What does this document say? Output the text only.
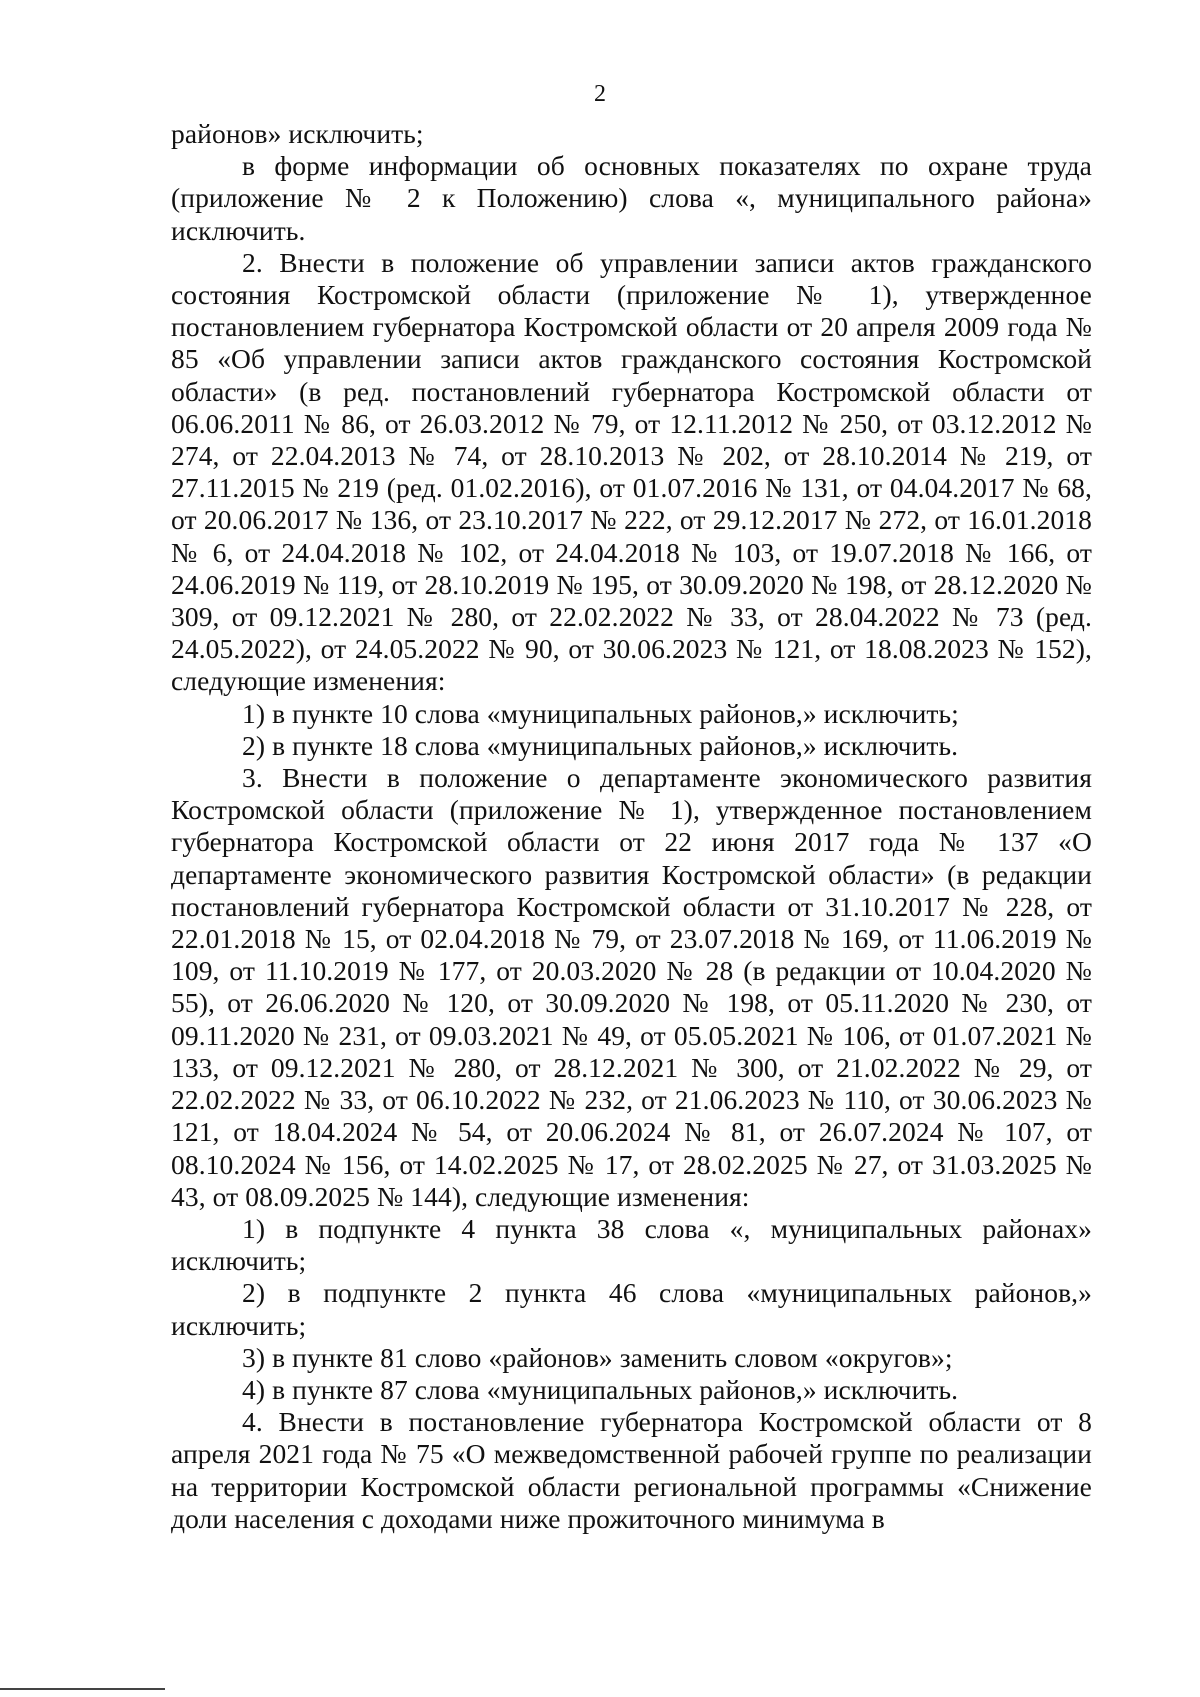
2

районов» исключить;

в форме информации об основных показателях по охране труда (приложение № 2 к Положению) слова «, муниципального района» исключить.

2. Внести в положение об управлении записи актов гражданского состояния Костромской области (приложение № 1), утвержденное постановлением губернатора Костромской области от 20 апреля 2009 года № 85 «Об управлении записи актов гражданского состояния Костромской области» (в ред. постановлений губернатора Костромской области от 06.06.2011 № 86, от 26.03.2012 № 79, от 12.11.2012 № 250, от 03.12.2012 № 274, от 22.04.2013 № 74, от 28.10.2013 № 202, от 28.10.2014 № 219, от 27.11.2015 № 219 (ред. 01.02.2016), от 01.07.2016 № 131, от 04.04.2017 № 68, от 20.06.2017 № 136, от 23.10.2017 № 222, от 29.12.2017 № 272, от 16.01.2018 № 6, от 24.04.2018 № 102, от 24.04.2018 № 103, от 19.07.2018 № 166, от 24.06.2019 № 119, от 28.10.2019 № 195, от 30.09.2020 № 198, от 28.12.2020 № 309, от 09.12.2021 № 280, от 22.02.2022 № 33, от 28.04.2022 № 73 (ред. 24.05.2022), от 24.05.2022 № 90, от 30.06.2023 № 121, от 18.08.2023 № 152), следующие изменения:

1) в пункте 10 слова «муниципальных районов,» исключить;

2) в пункте 18 слова «муниципальных районов,» исключить.

3. Внести в положение о департаменте экономического развития Костромской области (приложение № 1), утвержденное постановлением губернатора Костромской области от 22 июня 2017 года № 137 «О департаменте экономического развития Костромской области» (в редакции постановлений губернатора Костромской области от 31.10.2017 № 228, от 22.01.2018 № 15, от 02.04.2018 № 79, от 23.07.2018 № 169, от 11.06.2019 № 109, от 11.10.2019 № 177, от 20.03.2020 № 28 (в редакции от 10.04.2020 № 55), от 26.06.2020 № 120, от 30.09.2020 № 198, от 05.11.2020 № 230, от 09.11.2020 № 231, от 09.03.2021 № 49, от 05.05.2021 № 106, от 01.07.2021 № 133, от 09.12.2021 № 280, от 28.12.2021 № 300, от 21.02.2022 № 29, от 22.02.2022 № 33, от 06.10.2022 № 232, от 21.06.2023 № 110, от 30.06.2023 № 121, от 18.04.2024 № 54, от 20.06.2024 № 81, от 26.07.2024 № 107, от 08.10.2024 № 156, от 14.02.2025 № 17, от 28.02.2025 № 27, от 31.03.2025 № 43, от 08.09.2025 № 144), следующие изменения:

1) в подпункте 4 пункта 38 слова «, муниципальных районах» исключить;

2) в подпункте 2 пункта 46 слова «муниципальных районов,» исключить;

3) в пункте 81 слово «районов» заменить словом «округов»;

4) в пункте 87 слова «муниципальных районов,» исключить.

4. Внести в постановление губернатора Костромской области от 8 апреля 2021 года № 75 «О межведомственной рабочей группе по реализации на территории Костромской области региональной программы «Снижение доли населения с доходами ниже прожиточного минимума в
